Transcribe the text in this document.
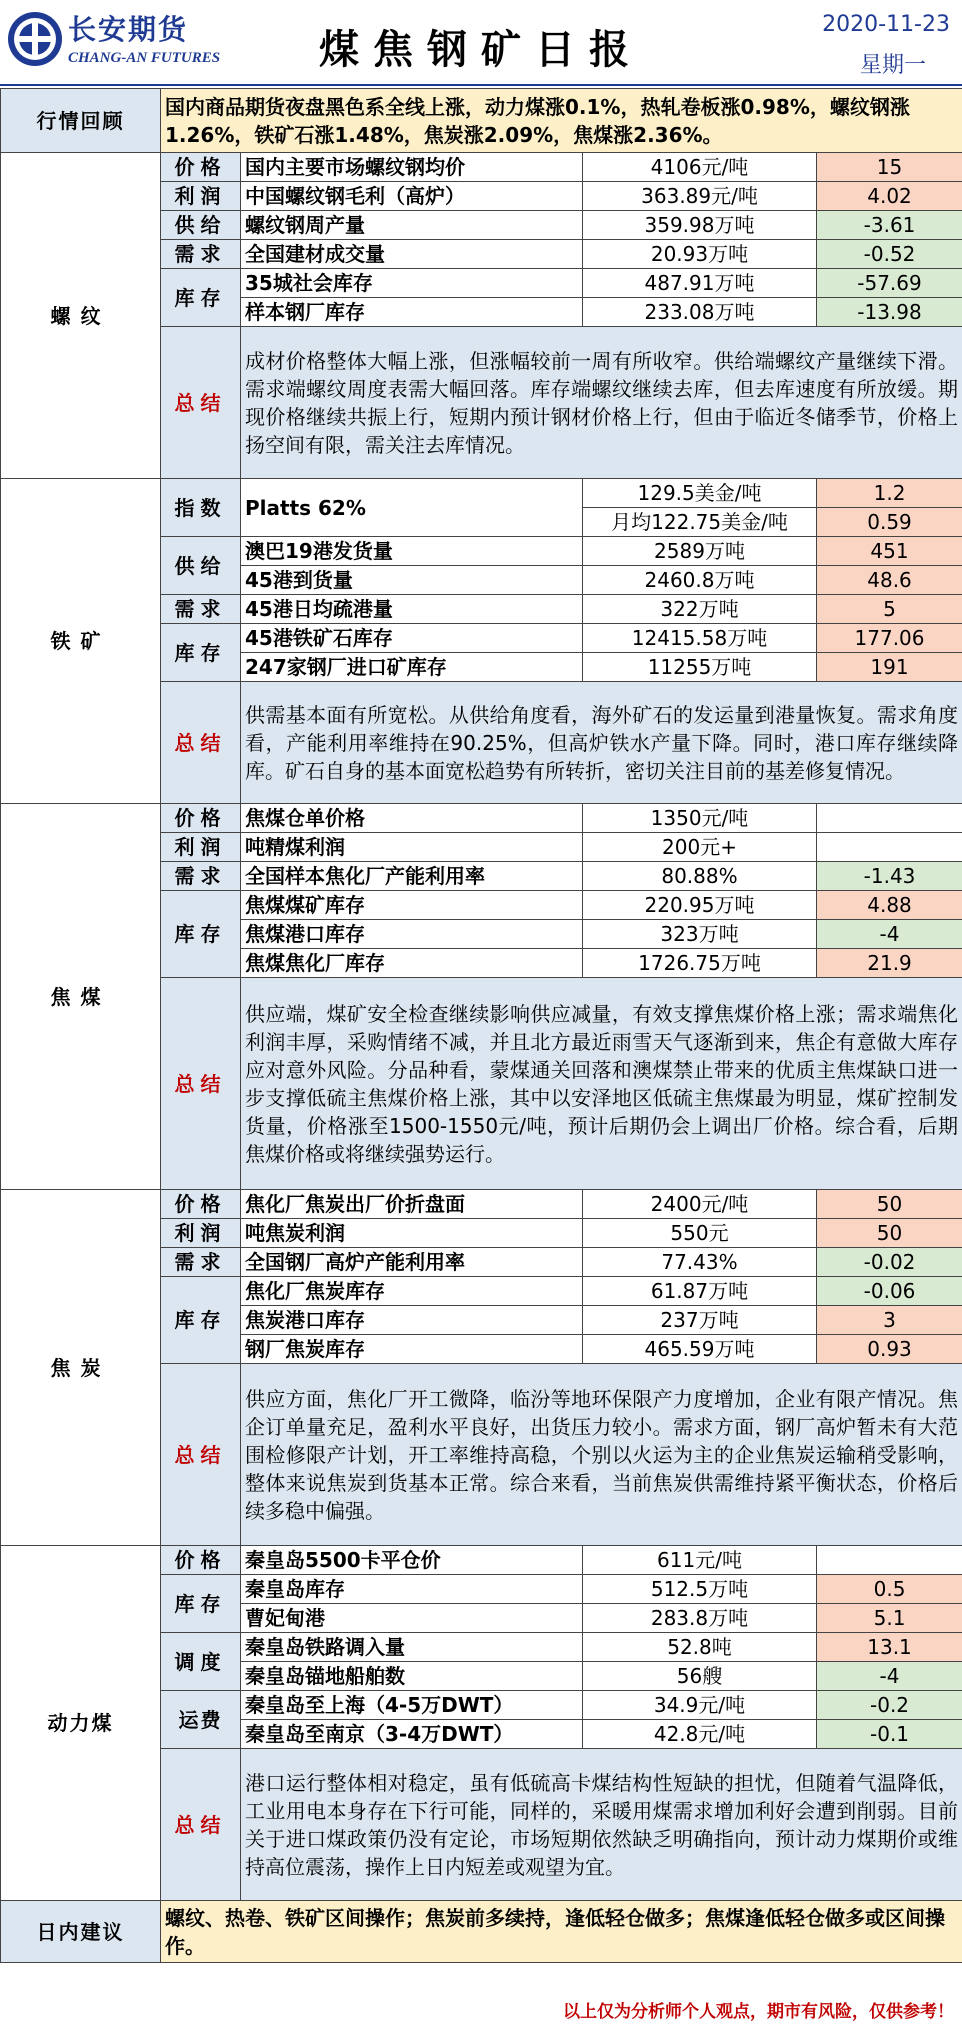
长安期货
CHANG-AN FUTURES	煤焦钢矿日报
2020-11-23
星期一
行情回顾	国内商品期货夜盘黑色系全线上涨，动力煤涨0.1%，热轧卷板涨0.98%，螺纹钢涨1.26%，铁矿石涨1.48%，焦炭涨2.09%，焦煤涨2.36%。			
螺纹	价格	国内主要市场螺纹钢均价	4106元/吨	15
	利润	中国螺纹钢毛利（高炉）	363.89元/吨	4.02
	供给	螺纹钢周产量	359.98万吨	-3.61
	需求	全国建材成交量	20.93万吨	-0.52
	库存	35城社会库存	487.91万吨	-57.69
		样本钢厂库存	233.08万吨	-13.98
	总结	成材价格整体大幅上涨，但涨幅较前一周有所收窄。供给端螺纹产量继续下滑。需求端螺纹周度表需大幅回落。库存端螺纹继续去库，但去库速度有所放缓。期现价格继续共振上行，短期内预计钢材价格上行，但由于临近冬储季节，价格上扬空间有限，需关注去库情况。		
铁矿	指数	Platts 62%	129.5美金/吨	1.2
			月均122.75美金/吨	0.59
	供给	澳巴19港发货量	2589万吨	451
		45港到货量	2460.8万吨	48.6
	需求	45港日均疏港量	322万吨	5
	库存	45港铁矿石库存	12415.58万吨	177.06
		247家钢厂进口矿库存	11255万吨	191
	总结	供需基本面有所宽松。从供给角度看，海外矿石的发运量到港量恢复。需求角度看，产能利用率维持在90.25%，但高炉铁水产量下降。同时，港口库存继续降库。矿石自身的基本面宽松趋势有所转折，密切关注目前的基差修复情况。		
焦煤	价格	焦煤仓单价格	1350元/吨	
	利润	吨精煤利润	200元+	
	需求	全国样本焦化厂产能利用率	80.88%	-1.43
	库存	焦煤煤矿库存	220.95万吨	4.88
		焦煤港口库存	323万吨	-4
		焦煤焦化厂库存	1726.75万吨	21.9
	总结	供应端，煤矿安全检查继续影响供应减量，有效支撑焦煤价格上涨；需求端焦化利润丰厚，采购情绪不减，并且北方最近雨雪天气逐渐到来，焦企有意做大库存应对意外风险。分品种看，蒙煤通关回落和澳煤禁止带来的优质主焦煤缺口进一步支撑低硫主焦煤价格上涨，其中以安泽地区低硫主焦煤最为明显，煤矿控制发货量，价格涨至1500-1550元/吨，预计后期仍会上调出厂价格。综合看，后期焦煤价格或将继续强势运行。		
焦炭	价格	焦化厂焦炭出厂价折盘面	2400元/吨	50
	利润	吨焦炭利润	550元	50
	需求	全国钢厂高炉产能利用率	77.43%	-0.02
	库存	焦化厂焦炭库存	61.87万吨	-0.06
		焦炭港口库存	237万吨	3
		钢厂焦炭库存	465.59万吨	0.93
	总结	供应方面，焦化厂开工微降，临汾等地环保限产力度增加，企业有限产情况。焦企订单量充足，盈利水平良好，出货压力较小。需求方面，钢厂高炉暂未有大范围检修限产计划，开工率维持高稳，个别以火运为主的企业焦炭运输稍受影响，整体来说焦炭到货基本正常。综合来看，当前焦炭供需维持紧平衡状态，价格后续多稳中偏强。		
动力煤	价格	秦皇岛5500卡平仓价	611元/吨	
	库存	秦皇岛库存	512.5万吨	0.5
		曹妃甸港	283.8万吨	5.1
	调度	秦皇岛铁路调入量	52.8吨	13.1
		秦皇岛锚地船舶数	56艘	-4
	运费	秦皇岛至上海（4-5万DWT）	34.9元/吨	-0.2
		秦皇岛至南京（3-4万DWT）	42.8元/吨	-0.1
	总结	港口运行整体相对稳定，虽有低硫高卡煤结构性短缺的担忧，但随着气温降低，工业用电本身存在下行可能，同样的，采暖用煤需求增加利好会遭到削弱。目前关于进口煤政策仍没有定论，市场短期依然缺乏明确指向，预计动力煤期价或维持高位震荡，操作上日内短差或观望为宜。		
日内建议	螺纹、热卷、铁矿区间操作；焦炭前多续持，逢低轻仓做多；焦煤逢低轻仓做多或区间操作。			
以上仅为分析师个人观点，期市有风险，仅供参考！
